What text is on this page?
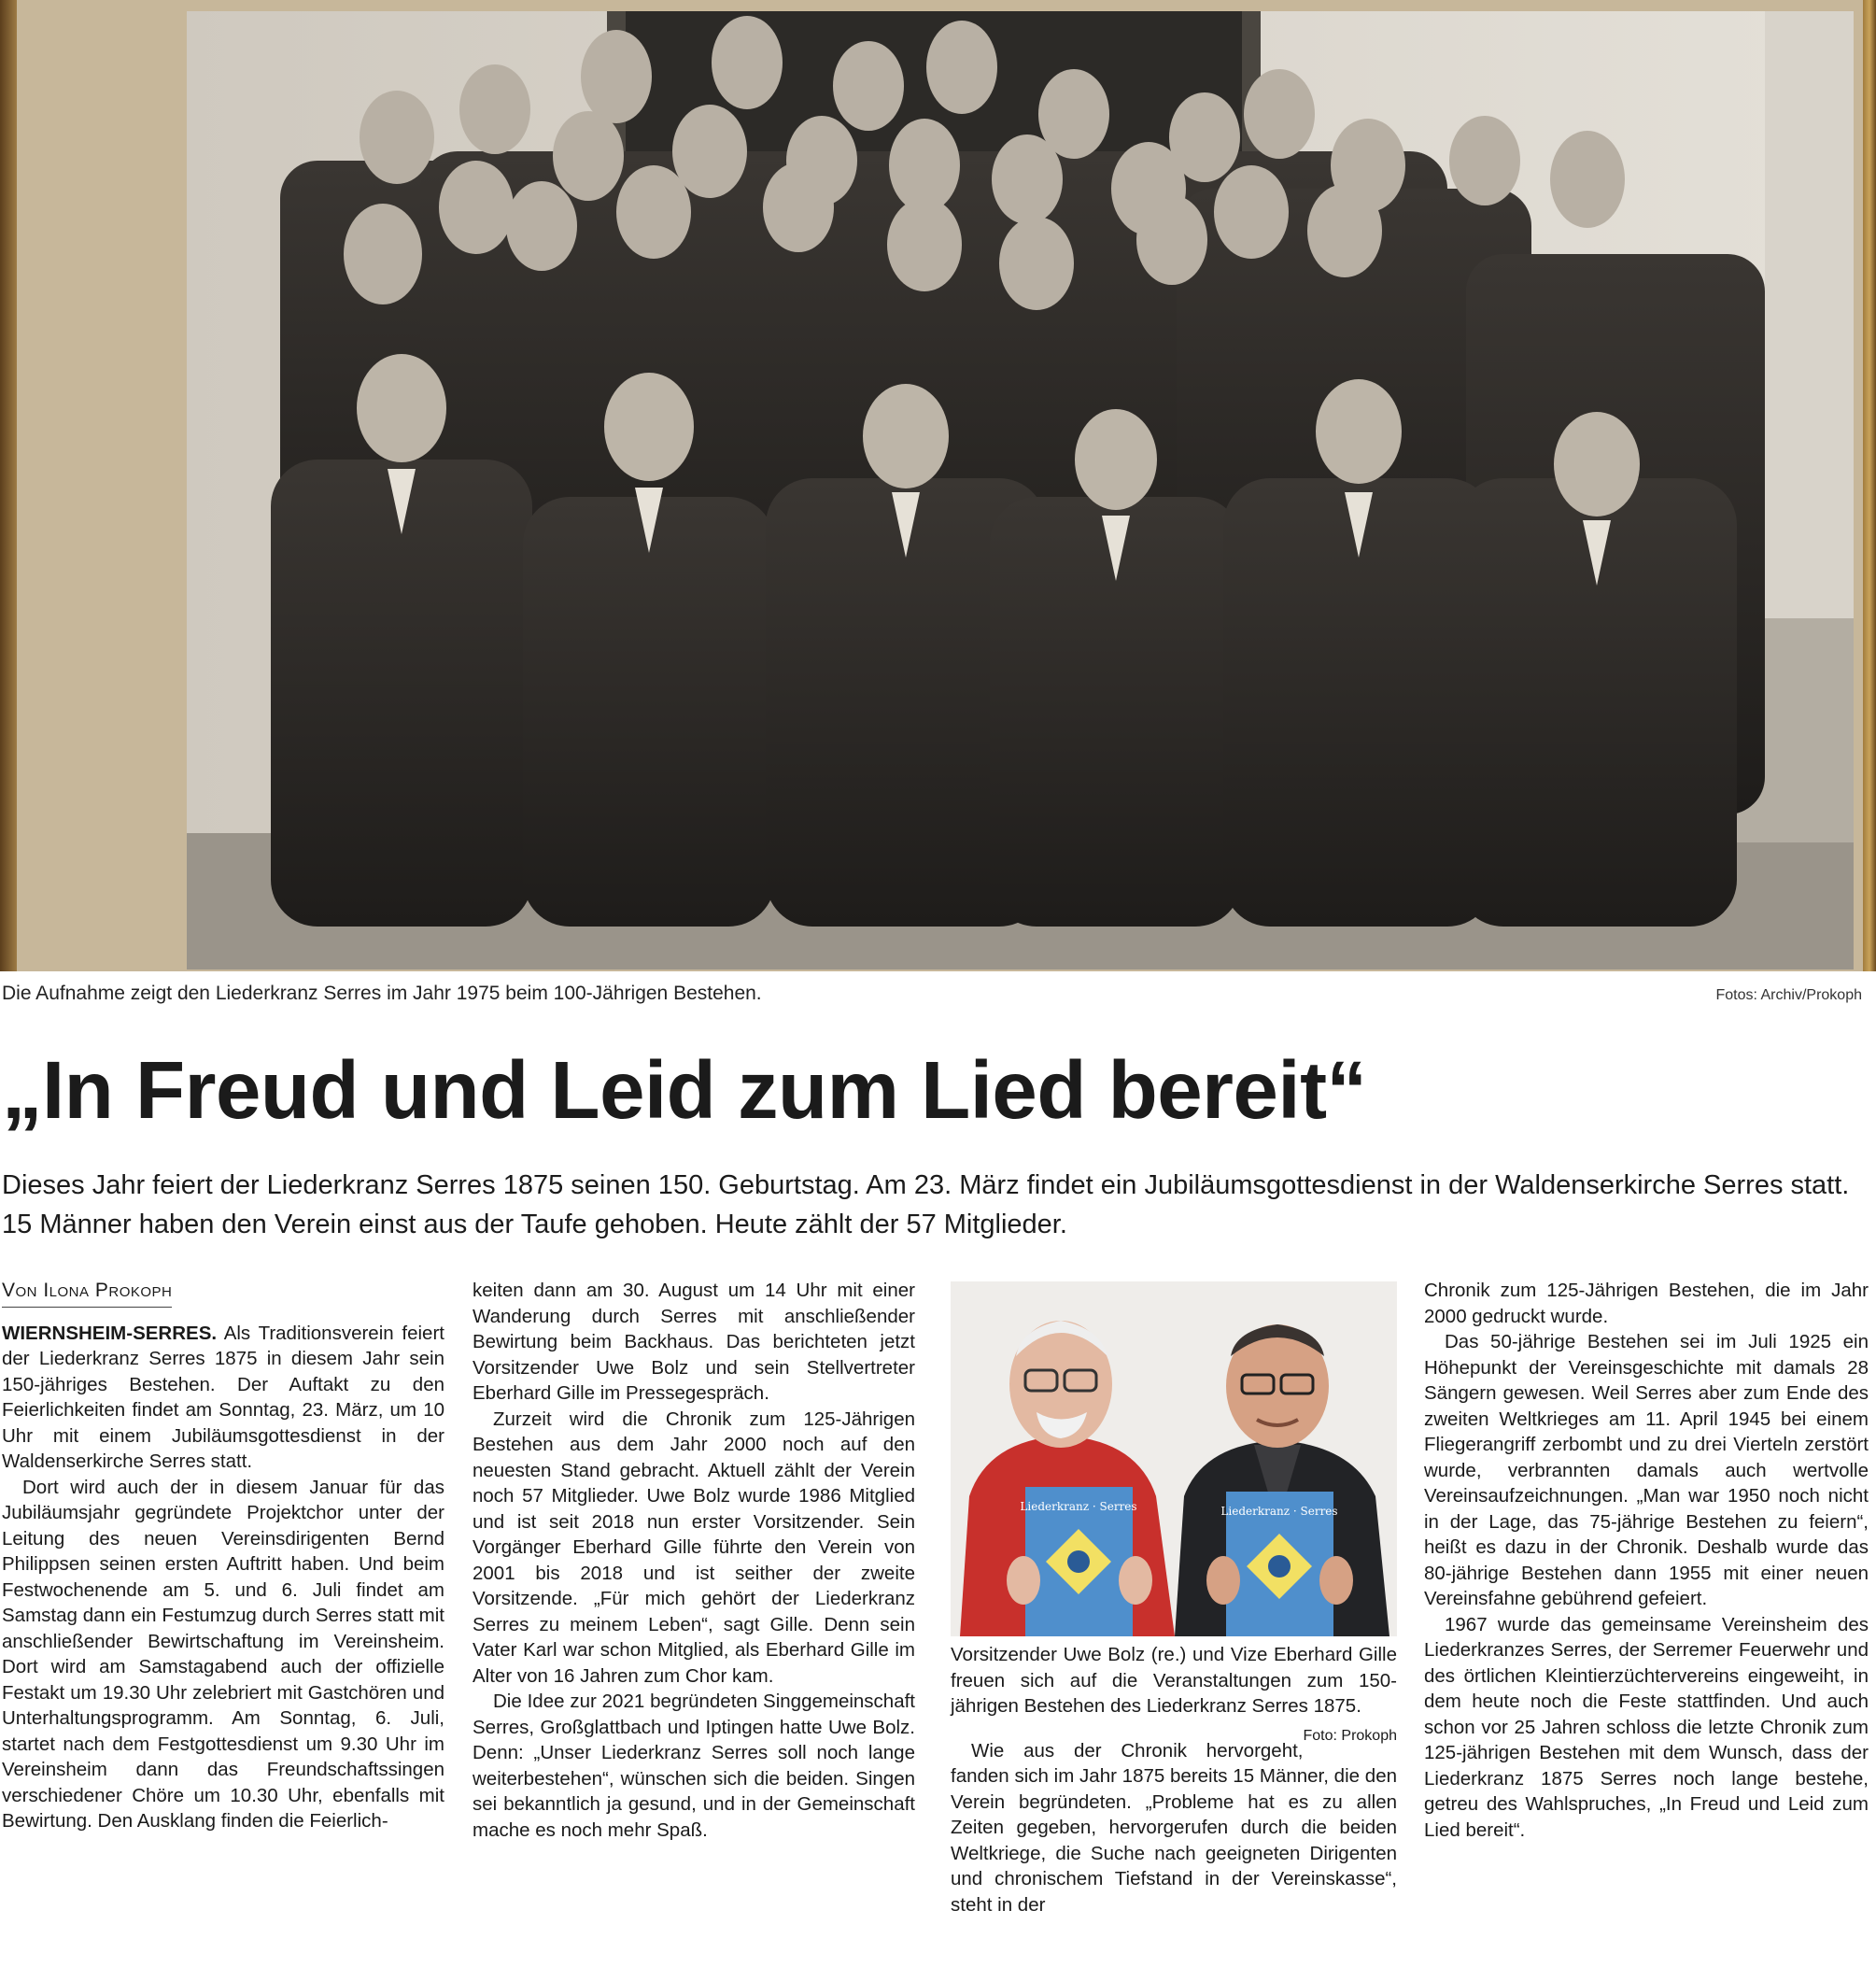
Die Aufnahme zeigt den Liederkranz Serres im Jahr 1975 beim 100-Jährigen Bestehen.	Fotos: Archiv/Prokoph
„In Freud und Leid zum Lied bereit“
Dieses Jahr feiert der Liederkranz Serres 1875 seinen 150. Geburtstag. Am 23. März findet ein Jubiläumsgottesdienst in der Waldenserkirche Serres statt. 15 Männer haben den Verein einst aus der Taufe gehoben. Heute zählt der 57 Mitglieder.
Von Ilona Prokoph

WIERNSHEIM-SERRES. Als Traditionsverein feiert der Liederkranz Serres 1875 in diesem Jahr sein 150-jähriges Bestehen. Der Auftakt zu den Feierlichkeiten findet am Sonntag, 23. März, um 10 Uhr mit einem Jubiläumsgottesdienst in der Waldenserkirche Serres statt.

Dort wird auch der in diesem Januar für das Jubiläumsjahr gegründete Projektchor unter der Leitung des neuen Vereinsdirigenten Bernd Philippsen seinen ersten Auftritt haben. Und beim Festwochenende am 5. und 6. Juli findet am Samstag dann ein Festumzug durch Serres statt mit anschließender Bewirtschaftung im Vereinsheim. Dort wird am Samstagabend auch der offizielle Festakt um 19.30 Uhr zelebriert mit Gastchören und Unterhaltungsprogramm. Am Sonntag, 6. Juli, startet nach dem Festgottesdienst um 9.30 Uhr im Vereinsheim dann das Freundschaftssingen verschiedener Chöre um 10.30 Uhr, ebenfalls mit Bewirtung. Den Ausklang finden die Feierlich-

keiten dann am 30. August um 14 Uhr mit einer Wanderung durch Serres mit anschließender Bewirtung beim Backhaus. Das berichteten jetzt Vorsitzender Uwe Bolz und sein Stellvertreter Eberhard Gille im Pressegespräch.

Zurzeit wird die Chronik zum 125-Jährigen Bestehen aus dem Jahr 2000 noch auf den neuesten Stand gebracht. Aktuell zählt der Verein noch 57 Mitglieder. Uwe Bolz wurde 1986 Mitglied und ist seit 2018 nun erster Vorsitzender. Sein Vorgänger Eberhard Gille führte den Verein von 2001 bis 2018 und ist seither der zweite Vorsitzende. „Für mich gehört der Liederkranz Serres zu meinem Leben“, sagt Gille. Denn sein Vater Karl war schon Mitglied, als Eberhard Gille im Alter von 16 Jahren zum Chor kam.

Die Idee zur 2021 begründeten Singgemeinschaft Serres, Großglattbach und Iptingen hatte Uwe Bolz. Denn: „Unser Liederkranz Serres soll noch lange weiterbestehen“, wünschen sich die beiden. Singen sei bekanntlich ja gesund, und in der Gemeinschaft mache es noch mehr Spaß.

Liederkranz · Serres	Liederkranz · Serres
Vorsitzender Uwe Bolz (re.) und Vize Eberhard Gille freuen sich auf die Veranstaltungen zum 150-jährigen Bestehen des Liederkranz Serres 1875.
Foto: Prokoph

Wie aus der Chronik hervorgeht, fanden sich im Jahr 1875 bereits 15 Männer, die den Verein begründeten. „Probleme hat es zu allen Zeiten gegeben, hervorgerufen durch die beiden Weltkriege, die Suche nach geeigneten Dirigenten und chronischem Tiefstand in der Vereinskasse“, steht in der

Chronik zum 125-Jährigen Bestehen, die im Jahr 2000 gedruckt wurde.

Das 50-jährige Bestehen sei im Juli 1925 ein Höhepunkt der Vereinsgeschichte mit damals 28 Sängern gewesen. Weil Serres aber zum Ende des zweiten Weltkrieges am 11. April 1945 bei einem Fliegerangriff zerbombt und zu drei Vierteln zerstört wurde, verbrannten damals auch wertvolle Vereinsaufzeichnungen. „Man war 1950 noch nicht in der Lage, das 75-jährige Bestehen zu feiern“, heißt es dazu in der Chronik. Deshalb wurde das 80-jährige Bestehen dann 1955 mit einer neuen Vereinsfahne gebührend gefeiert.

1967 wurde das gemeinsame Vereinsheim des Liederkranzes Serres, der Serremer Feuerwehr und des örtlichen Kleintierzüchtervereins eingeweiht, in dem heute noch die Feste stattfinden. Und auch schon vor 25 Jahren schloss die letzte Chronik zum 125-jährigen Bestehen mit dem Wunsch, dass der Liederkranz 1875 Serres noch lange bestehe, getreu des Wahlspruches, „In Freud und Leid zum Lied bereit“.
